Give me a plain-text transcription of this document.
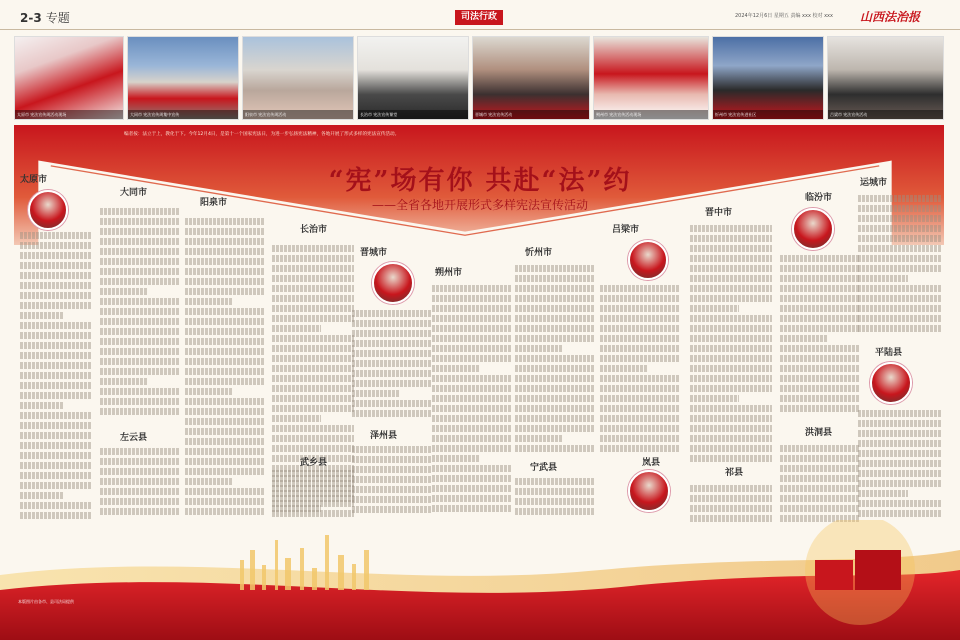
2-3 专题	司法行政	2024年12月6日 星期五 责编 xxx 校对 xxx 山西法治报
太原市 宪法宣传周活动现场	大同市 宪法宣传周集中宣传	阳泉市 宪法宣传周活动	长治市 宪法宣传课堂	晋城市 宪法宣传活动	朔州市 宪法宣传活动现场	忻州市 宪法宣传进社区	吕梁市 宪法宣传活动
编者按：法立于上，教化于下。今年12月4日，是第十一个国家宪法日，为进一步弘扬宪法精神，各地开展了形式多样的宪法宣传活动。
“宪”场有你 共赴“法”约
——全省各地开展形式多样宪法宣传活动
太原市
大同市
左云县
阳泉市
长治市
晋城市
泽州县
武乡县
朔州市
忻州市
宁武县
吕梁市
岚县
晋中市
祁县
临汾市
洪洞县
运城市
平陆县
本版图片由各市、县司法局提供
